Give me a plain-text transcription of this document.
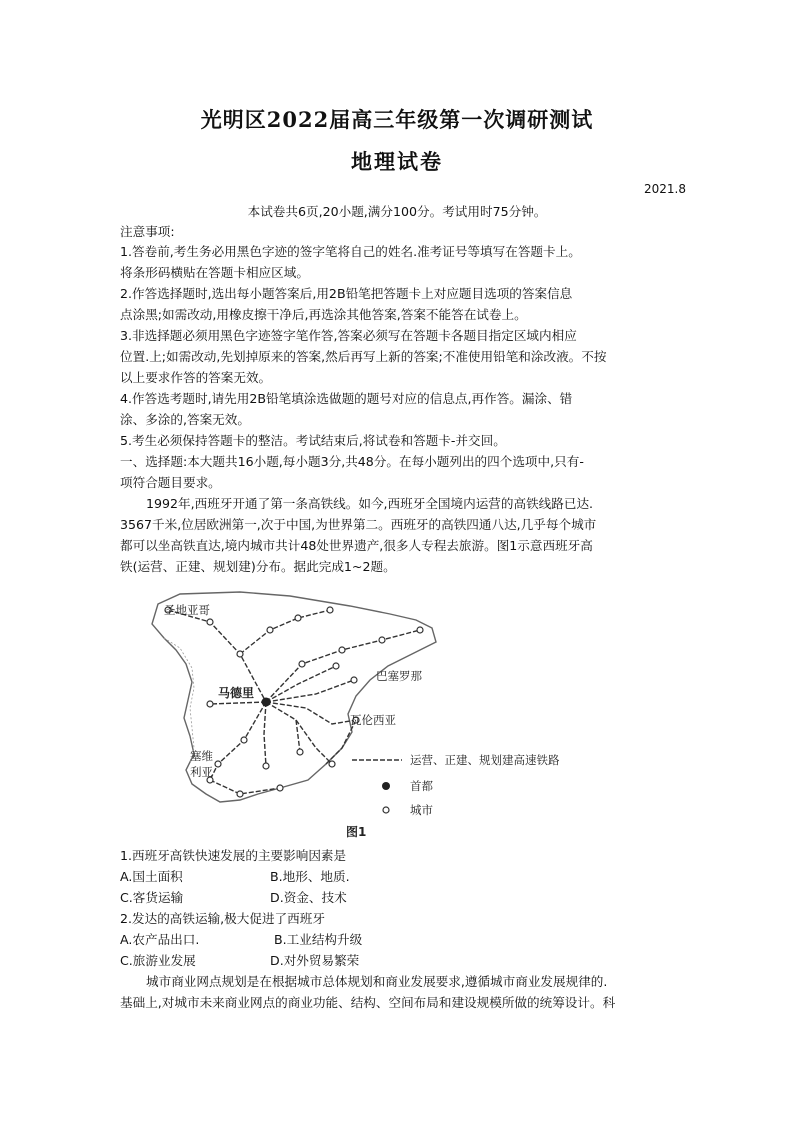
光明区2022届高三年级第一次调研测试
地理试卷
2021.8
本试卷共6页,20小题,满分100分。考试用时75分钟。
注意事项:
1.答卷前,考生务必用黑色字迹的签字笔将自己的姓名.准考证号等填写在答题卡上。
将条形码横贴在答题卡相应区域。
2.作答选择题时,选出每小题答案后,用2B铅笔把答题卡上对应题目选项的答案信息
点涂黑;如需改动,用橡皮擦干净后,再选涂其他答案,答案不能答在试卷上。
3.非选择题必须用黑色字迹签字笔作答,答案必须写在答题卡各题目指定区域内相应
位置.上;如需改动,先划掉原来的答案,然后再写上新的答案;不准使用铅笔和涂改液。不按
以上要求作答的答案无效。
4.作答选考题时,请先用2B铅笔填涂选做题的题号对应的信息点,再作答。漏涂、错
涂、多涂的,答案无效。
5.考生必须保持答题卡的整洁。考试结束后,将试卷和答题卡-并交回。
一、选择题:本大题共16小题,每小题3分,共48分。在每小题列出的四个选项中,只有-
项符合题目要求。
1992年,西班牙开通了第一条高铁线。如今,西班牙全国境内运营的高铁线路已达.
3567千米,位居欧洲第一,次于中国,为世界第二。西班牙的高铁四通八达,几乎每个城市
都可以坐高铁直达,境内城市共计48处世界遗产,很多人专程去旅游。图1示意西班牙高
铁(运营、正建、规划建)分布。据此完成1~2题。
圣地亚哥
马德里
巴塞罗那
瓦伦西亚
塞维
利亚
运营、正建、规划建高速铁路
首都
城市
图1
1.西班牙高铁快速发展的主要影响因素是
A.国土面积	B.地形、地质.
C.客货运输	D.资金、技术
2.发达的高铁运输,极大促进了西班牙
A.农产品出口.	B.工业结构升级
C.旅游业发展	D.对外贸易繁荣
城市商业网点规划是在根据城市总体规划和商业发展要求,遵循城市商业发展规律的.
基础上,对城市未来商业网点的商业功能、结构、空间布局和建设规模所做的统筹设计。科
